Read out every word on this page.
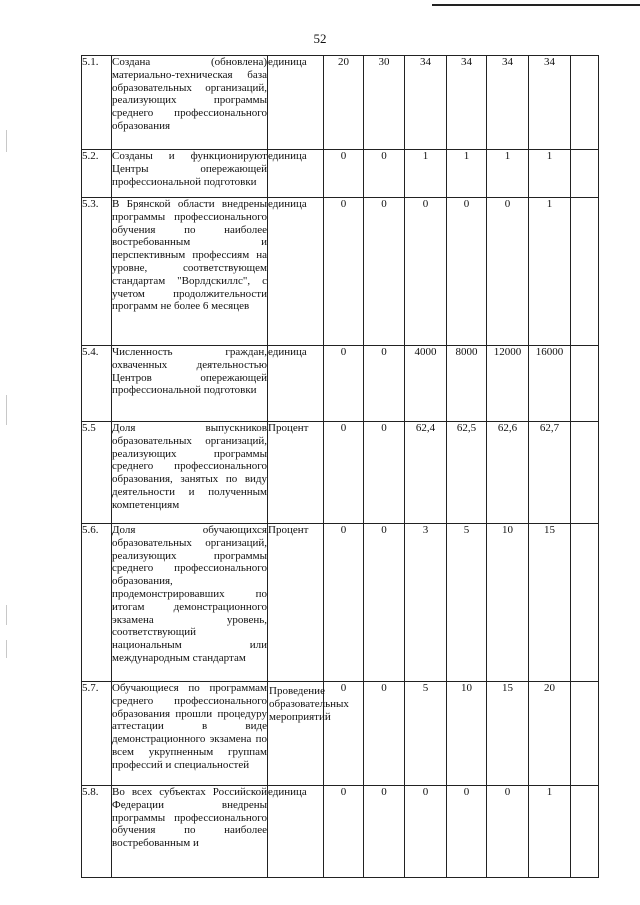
52
5.1.	Создана (обновлена) материально-техническая база образовательных организаций, реализующих программы среднего профессионального образования	единица	20	30	34	34	34	34	
5.2.	Созданы и функционируют Центры опережающей профессиональной подготовки	единица	0	0	1	1	1	1	
5.3.	В Брянской области внедрены программы профессионального обучения по наиболее востребованным и перспективным профессиям на уровне, соответствующем стандартам "Ворлдскиллс", с учетом продолжительности программ не более 6 месяцев	единица	0	0	0	0	0	1	
5.4.	Численность граждан, охваченных деятельностью Центров опережающей профессиональной подготовки	единица	0	0	4000	8000	12000	16000	
5.5	Доля выпускников образовательных организаций, реализующих программы среднего профессионального образования, занятых по виду деятельности и полученным компетенциям	Процент	0	0	62,4	62,5	62,6	62,7	
5.6.	Доля обучающихся образовательных организаций, реализующих программы среднего профессионального образования, продемонстрировавших по итогам демонстрационного экзамена уровень, соответствующий национальным или международным стандартам	Процент	0	0	3	5	10	15	
5.7.	Обучающиеся по программам среднего профессионального образования прошли процедуру аттестации в виде демонстрационного экзамена по всем укрупненным группам профессий и специальностей	Проведение образовательных мероприятий	0	0	5	10	15	20	
5.8.	Во всех субъектах Российской Федерации внедрены программы профессионального обучения по наиболее востребованным и	единица	0	0	0	0	0	1	
